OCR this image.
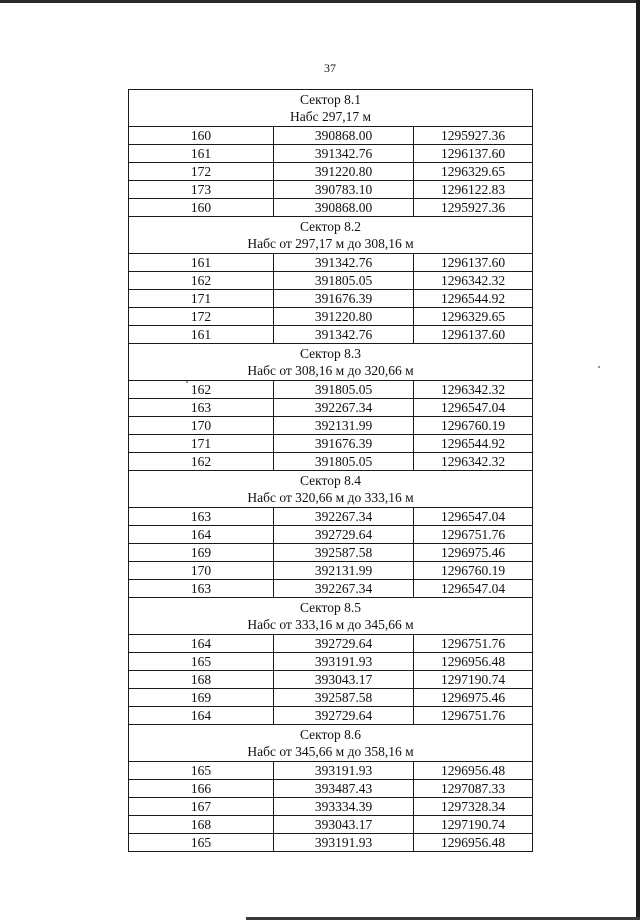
37
Сектор 8.1
Набс 297,17 м		

160	390868.00	1295927.36
161	391342.76	1296137.60
172	391220.80	1296329.65
173	390783.10	1296122.83
160	390868.00	1295927.36

Сектор 8.2
Набс от 297,17 м до 308,16 м		

161	391342.76	1296137.60
162	391805.05	1296342.32
171	391676.39	1296544.92
172	391220.80	1296329.65
161	391342.76	1296137.60

Сектор 8.3
Набс от 308,16 м до 320,66 м		

162	391805.05	1296342.32
163	392267.34	1296547.04
170	392131.99	1296760.19
171	391676.39	1296544.92
162	391805.05	1296342.32

Сектор 8.4
Набс от 320,66 м до 333,16 м		

163	392267.34	1296547.04
164	392729.64	1296751.76
169	392587.58	1296975.46
170	392131.99	1296760.19
163	392267.34	1296547.04

Сектор 8.5
Набс от 333,16 м до 345,66 м		

164	392729.64	1296751.76
165	393191.93	1296956.48
168	393043.17	1297190.74
169	392587.58	1296975.46
164	392729.64	1296751.76

Сектор 8.6
Набс от 345,66 м до 358,16 м		

165	393191.93	1296956.48
166	393487.43	1297087.33
167	393334.39	1297328.34
168	393043.17	1297190.74
165	393191.93	1296956.48
